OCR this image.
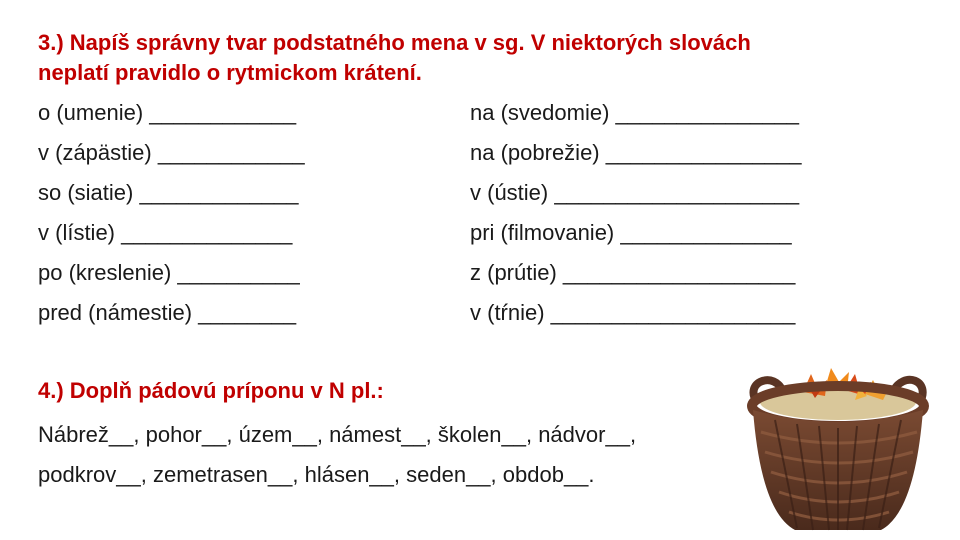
3.) Napíš správny tvar podstatného mena v sg. V niektorých slovách
neplatí pravidlo o rytmickom krátení.
o (umenie) ____________
v (zápästie) ____________
so (siatie) _____________
v (lístie) ______________
po (kreslenie) __________
pred (námestie) ________
na (svedomie) _______________
na (pobrežie) ________________
v (ústie) ____________________
pri (filmovanie) ______________
z (prútie) ___________________
v (tŕnie) ____________________
4.) Doplň pádovú príponu v N pl.:
Nábrež__, pohor__, územ__, námest__, školen__, nádvor__,
podkrov__, zemetrasen__, hlásen__, seden__, obdob__.
